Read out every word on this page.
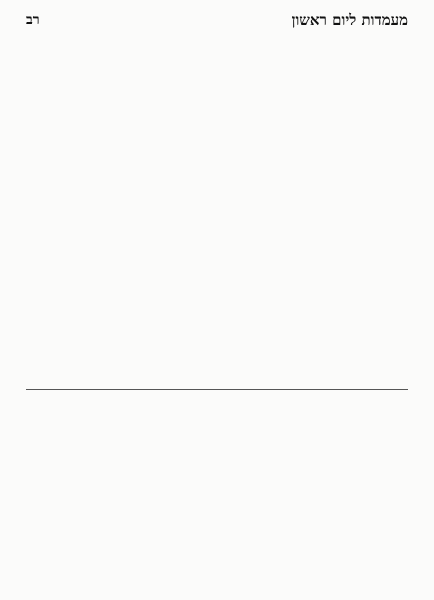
מעמדות ליום ראשון
רב
